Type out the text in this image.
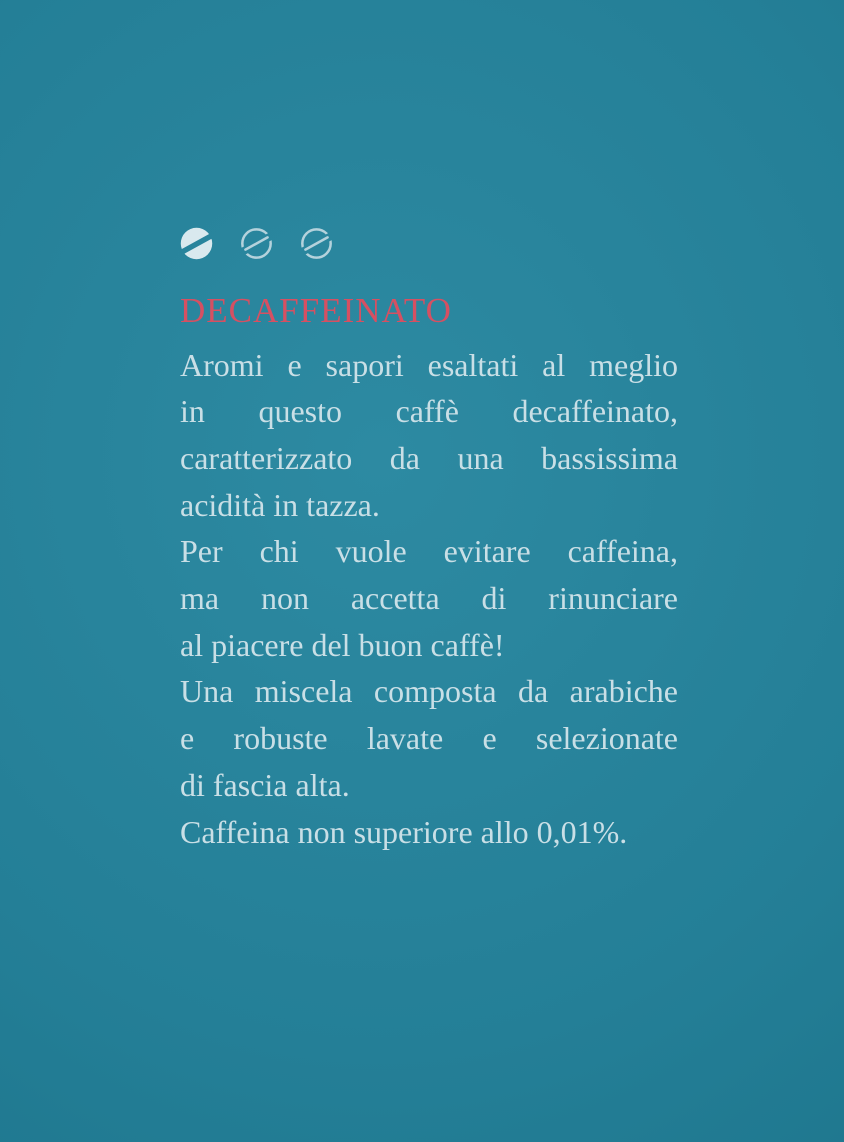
DECAFFEINATO
Aromi e sapori esaltati al meglio
in questo caffè decaffeinato,
caratterizzato da una bassissima
acidità in tazza.
Per chi vuole evitare caffeina,
ma non accetta di rinunciare
al piacere del buon caffè!
Una miscela composta da arabiche
e robuste lavate e selezionate
di fascia alta.
Caffeina non superiore allo 0,01%.
